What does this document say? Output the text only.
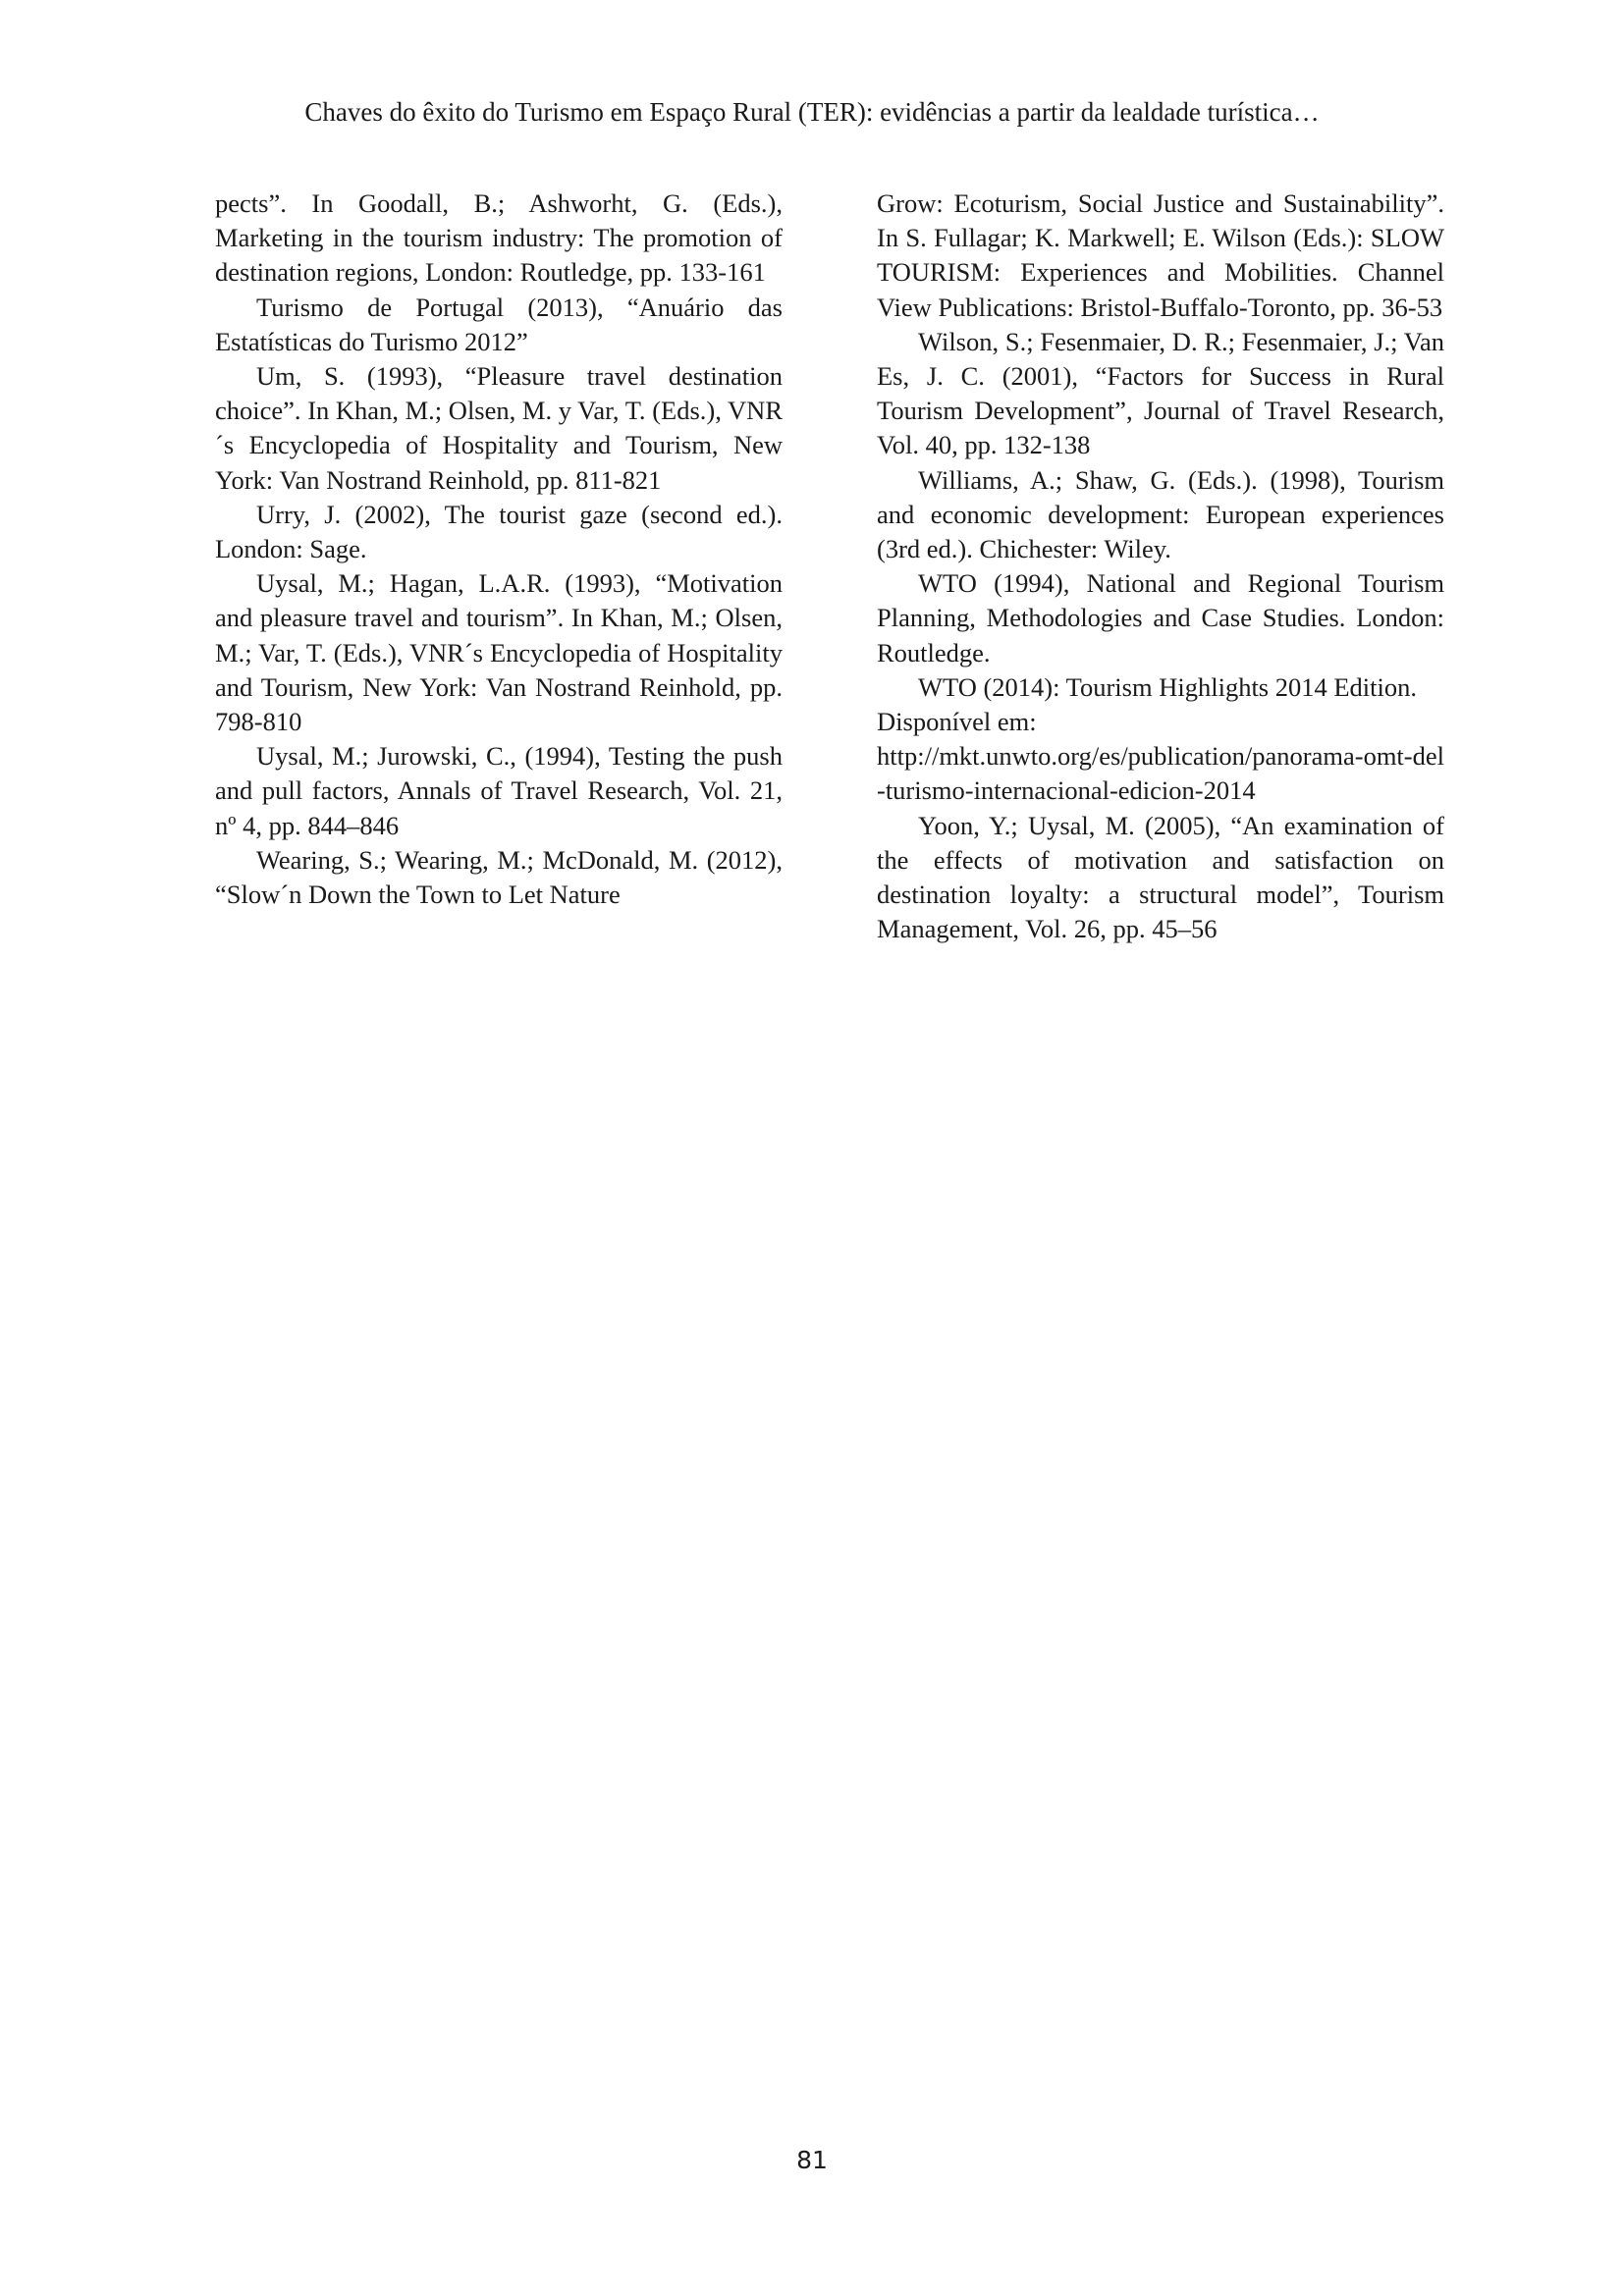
Chaves do êxito do Turismo em Espaço Rural (TER): evidências a partir da lealdade turística…

pects”. In Goodall, B.; Ashworht, G. (Eds.), Marketing in the tourism industry: The promotion of destination regions, London: Routledge, pp. 133-161

Turismo de Portugal (2013), “Anuário das Estatísticas do Turismo 2012”

Um, S. (1993), “Pleasure travel destination choice”. In Khan, M.; Olsen, M. y Var, T. (Eds.), VNR´s Encyclopedia of Hospitality and Tourism, New York: Van Nostrand Reinhold, pp. 811-821

Urry, J. (2002), The tourist gaze (second ed.). London: Sage.

Uysal, M.; Hagan, L.A.R. (1993), “Motivation and pleasure travel and tourism”. In Khan, M.; Olsen, M.; Var, T. (Eds.), VNR´s Encyclopedia of Hospitality and Tourism, New York: Van Nostrand Reinhold, pp. 798-810

Uysal, M.; Jurowski, C., (1994), Testing the push and pull factors, Annals of Travel Research, Vol. 21, nº 4, pp. 844–846

Wearing, S.; Wearing, M.; McDonald, M. (2012), “Slow´n Down the Town to Let Nature

Grow: Ecoturism, Social Justice and Sustainability”. In S. Fullagar; K. Markwell; E. Wilson (Eds.): SLOW TOURISM: Experiences and Mobilities. Channel View Publications: Bristol-Buffalo-Toronto, pp. 36-53

Wilson, S.; Fesenmaier, D. R.; Fesenmaier, J.; Van Es, J. C. (2001), “Factors for Success in Rural Tourism Development”, Journal of Travel Research, Vol. 40, pp. 132-138

Williams, A.; Shaw, G. (Eds.). (1998), Tourism and economic development: European experiences (3rd ed.). Chichester: Wiley.

WTO (1994), National and Regional Tourism Planning, Methodologies and Case Studies. London: Routledge.

WTO (2014): Tourism Highlights 2014 Edition. Disponível em:

http://mkt.unwto.org/es/publication/panorama-omt-del-turismo-internacional-edicion-2014

Yoon, Y.; Uysal, M. (2005), “An examination of the effects of motivation and satisfaction on destination loyalty: a structural model”, Tourism Management, Vol. 26, pp. 45–56

81
